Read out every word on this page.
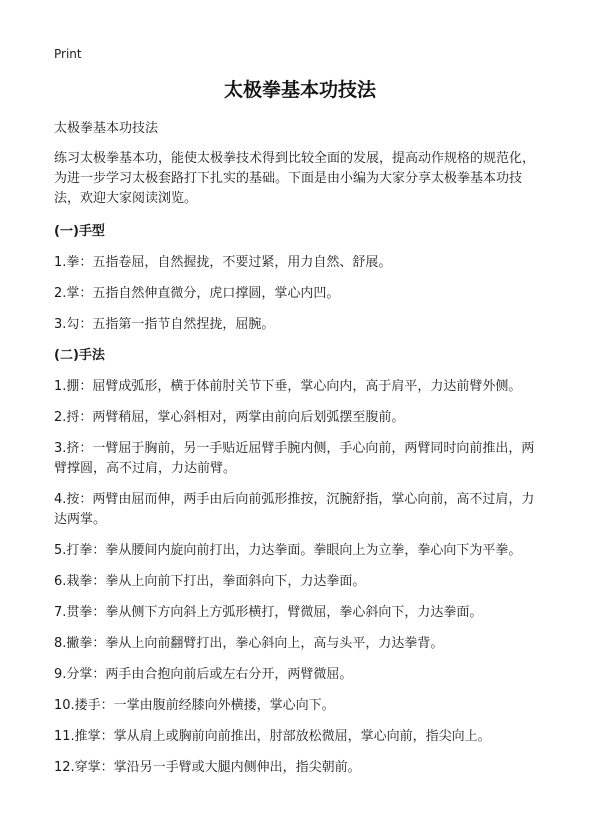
Print
太极拳基本功技法
太极拳基本功技法

练习太极拳基本功，能使太极拳技术得到比较全面的发展，提高动作规格的规范化，为进一步学习太极套路打下扎实的基础。下面是由小编为大家分享太极拳基本功技法，欢迎大家阅读浏览。

(一)手型

1.拳：五指卷屈，自然握拢，不要过紧，用力自然、舒展。

2.掌：五指自然伸直微分，虎口撑圆，掌心内凹。

3.勾：五指第一指节自然捏拢，屈腕。

(二)手法

1.掤：屈臂成弧形，横于体前肘关节下垂，掌心向内，高于肩平，力达前臂外侧。

2.捋：两臂稍屈，掌心斜相对，两掌由前向后划弧摆至腹前。

3.挤：一臂屈于胸前，另一手贴近屈臂手腕内侧，手心向前，两臂同时向前推出，两臂撑圆，高不过肩，力达前臂。

4.按：两臂由屈而伸，两手由后向前弧形推按，沉腕舒指，掌心向前，高不过肩，力达两掌。

5.打拳：拳从腰间内旋向前打出，力达拳面。拳眼向上为立拳，拳心向下为平拳。

6.栽拳：拳从上向前下打出，拳面斜向下，力达拳面。

7.贯拳：拳从侧下方向斜上方弧形横打，臂微屈，拳心斜向下，力达拳面。

8.撇拳：拳从上向前翻臂打出，拳心斜向上，高与头平，力达拳背。

9.分掌：两手由合抱向前后或左右分开，两臂微屈。

10.搂手：一掌由腹前经膝向外横搂，掌心向下。

11.推掌：掌从肩上或胸前向前推出，肘部放松微屈，掌心向前，指尖向上。

12.穿掌：掌沿另一手臂或大腿内侧伸出，指尖朝前。
